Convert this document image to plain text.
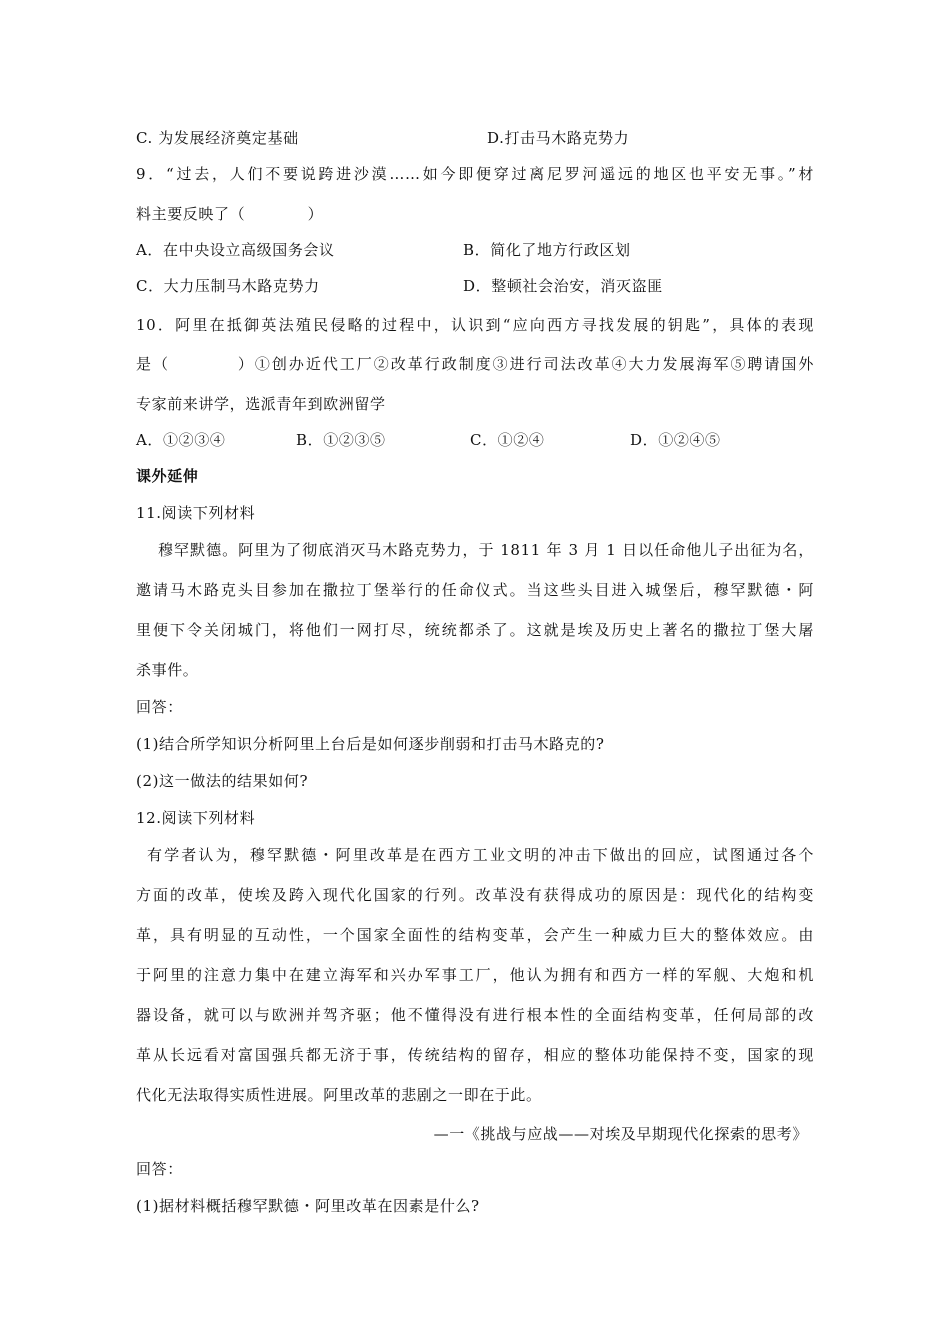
C. 为发展经济奠定基础	D.打击马木路克势力
9．“过去，人们不要说跨进沙漠……如今即便穿过离尼罗河遥远的地区也平安无事。”材
料主要反映了（　　　　）
A．在中央设立高级国务会议	B．简化了地方行政区划
C．大力压制马木路克势力	D．整顿社会治安，消灭盗匪
10．阿里在抵御英法殖民侵略的过程中，认识到“应向西方寻找发展的钥匙”，具体的表现
是（　　　　）①创办近代工厂②改革行政制度③进行司法改革④大力发展海军⑤聘请国外
专家前来讲学，选派青年到欧洲留学
A．①②③④	B．①②③⑤	C．①②④	D．①②④⑤
课外延伸
11.阅读下列材料
穆罕默德。阿里为了彻底消灭马木路克势力，于 1811 年 3 月 1 日以任命他儿子出征为名，
邀请马木路克头目参加在撒拉丁堡举行的任命仪式。当这些头目进入城堡后，穆罕默德・阿
里便下令关闭城门，将他们一网打尽，统统都杀了。这就是埃及历史上著名的撒拉丁堡大屠
杀事件。
回答：
(1)结合所学知识分析阿里上台后是如何逐步削弱和打击马木路克的?
(2)这一做法的结果如何?
12.阅读下列材料
有学者认为，穆罕默德・阿里改革是在西方工业文明的冲击下做出的回应，试图通过各个
方面的改革，使埃及跨入现代化国家的行列。改革没有获得成功的原因是：现代化的结构变
革，具有明显的互动性，一个国家全面性的结构变革，会产生一种威力巨大的整体效应。由
于阿里的注意力集中在建立海军和兴办军事工厂，他认为拥有和西方一样的军舰、大炮和机
器设备，就可以与欧洲并驾齐驱；他不懂得没有进行根本性的全面结构变革，任何局部的改
革从长远看对富国强兵都无济于事，传统结构的留存，相应的整体功能保持不变，国家的现
代化无法取得实质性进展。阿里改革的悲剧之一即在于此。
—一《挑战与应战——对埃及早期现代化探索的思考》
回答：
(1)据材料概括穆罕默德・阿里改革在因素是什么?
